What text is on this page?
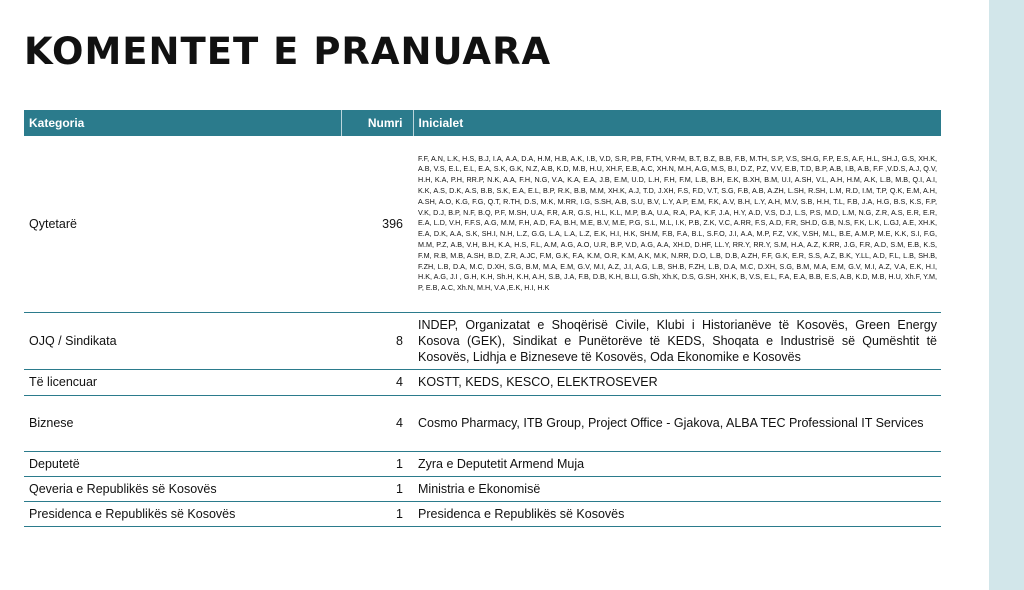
KOMENTET E PRANUARA
Kategoria	Numri	Inicialet
Qytetarë	396	F.F, A.N, L.K, H.S, B.J, I.A, A.A, D.A, H.M, H.B, A.K, I.B, V.D, S.R, P.B, F.TH, V.R-M, B.T, B.Z, B.B, F.B, M.TH, S.P, V.S, SH.G, F.P, E.S, A.F, H.L, SH.J, G.S, XH.K, A.B, V.S, E.L, E.L, E.A, S.K, G.K, N.Z, A.B, K.D, M.B, H.U, XH.F, E.B, A.C, XH.N, M.H, A.G, M.S, B.I, D.Z, P.Z, V.V, E.B, T.D, B.P, A.B, I.B, A.B, F.F ,V.D.S, A.J, Q.V, H.H, K.A, P.H, RR.P, N.K, A.A, F.H, N.G, V.A, K.A, E.A, J.B, E.M, U.D, L.H, F.H, F.M, L.B, B.H, E.K, B.XH, B.M, U.I, A.SH, V.L, A.H, H.M, A.K, L.B, M.B, Q.I, A.I, K.K, A.S, D.K, A.S, B.B, S.K, E.A, E.L, B.P, R.K, B.B, M.M, XH.K, A.J, T.D, J.XH, F.S, F.D, V.T, S.G, F.B, A.B, A.ZH, L.SH, R.SH, L.M, R.D, I.M, T.P, Q.K, E.M, A.H, A.SH, A.O, K.G, F.G, Q.T, R.TH, D.S, M.K, M.RR, I.G, S.SH, A.B, S.U, B.V, L.Y, A.P, E.M, F.K, A.V, B.H, L.Y, A.H, M.V, S.B, H.H, T.L, F.B, J.A, H.G, B.S, K.S, F.P, V.K, D.J, B.P, N.F, B.Q, P.F, M.SH, U.A, F.R, A.R, G.S, H.L, K.L, M.P, B.A, U.A, R.A, P.A, K.F, J.A, H.Y, A.D, V.S, D.J, L.S, P.S, M.D, L.M, N.G, Z.R, A.S, E.R, E.R, E.A, L.D, V.H, F.F.S, A.G, M.M, F.H, A.D, F.A, B.H, M.E, B.V, M.E, P.G, S.L, M.L, I.K, P.B, Z.K, V.C, A.RR, F.S, A.D, F.R, SH.D, G.B, N.S, F.K, L.K, L.GJ, A.E, XH.K, E.A, D.K, A.A, S.K, SH.I, N.H, L.Z, G.G, L.A, L.A, L.Z, E.K, H.I, H.K, SH.M, F.B, F.A, B.L, S.F.O, J.I, A.A, M.P, F.Z, V.K, V.SH, M.L, B.E, A.M.P, M.E, K.K, S.I, F.G, M.M, P.Z, A.B, V.H, B.H, K.A, H.S, F.L, A.M, A.G, A.O, U.R, B.P, V.D, A.G, A.A, XH.D, D.HF, LL.Y, RR.Y, RR.Y, S.M, H.A, A.Z, K.RR, J.G, F.R, A.D, S.M, E.B, K.S, F.M, R.B, M.B, A.SH, B.D, Z.R, A.JC, F.M, G.K, F.A, K.M, O.R, K.M, A.K, M.K, N.RR, D.O, L.B, D.B, A.ZH, F.F, G.K, E.R, S.S, A.Z, B.K, Y.LL, A.D, F.L, L.B, SH.B, F.ZH, L.B, D.A, M.C, D.XH, S.G, B.M, M.A, E.M, G.V, M.I, A.Z, J.I, A.G, L.B, SH.B, F.ZH, L.B, D.A, M.C, D.XH, S.G, B.M, M.A, E.M, G.V, M.I, A.Z, V.A, E.K, H.I, H.K, A.G, J.I , G.H, K.H, Sh.H, K.H, A.H, S.B, J.A, F.B, D.B, K.H, B.LI, G.Sh, Xh.K, D.S, G.SH, XH.K, B, V.S, E.L, F.A, E.A, B.B, E.S, A.B, K.D, M.B, H.U, Xh.F, Y.M, P, E.B, A.C, Xh.N, M.H, V.A ,E.K, H.I, H.K
OJQ / Sindikata	8	INDEP, Organizatat e Shoqërisë Civile, Klubi i Historianëve të Kosovës, Green Energy Kosova (GEK), Sindikat e Punëtorëve të KEDS, Shoqata e Industrisë së Qumështit të Kosovës, Lidhja e Bizneseve të Kosovës, Oda Ekonomike e Kosovës
Të licencuar	4	KOSTT, KEDS, KESCO, ELEKTROSEVER
Biznese	4	Cosmo Pharmacy, ITB Group, Project Office - Gjakova, ALBA TEC Professional IT Services
Deputetë	1	Zyra e Deputetit Armend Muja
Qeveria e Republikës së Kosovës	1	Ministria e Ekonomisë
Presidenca e Republikës së Kosovës	1	Presidenca e Republikës së Kosovës
